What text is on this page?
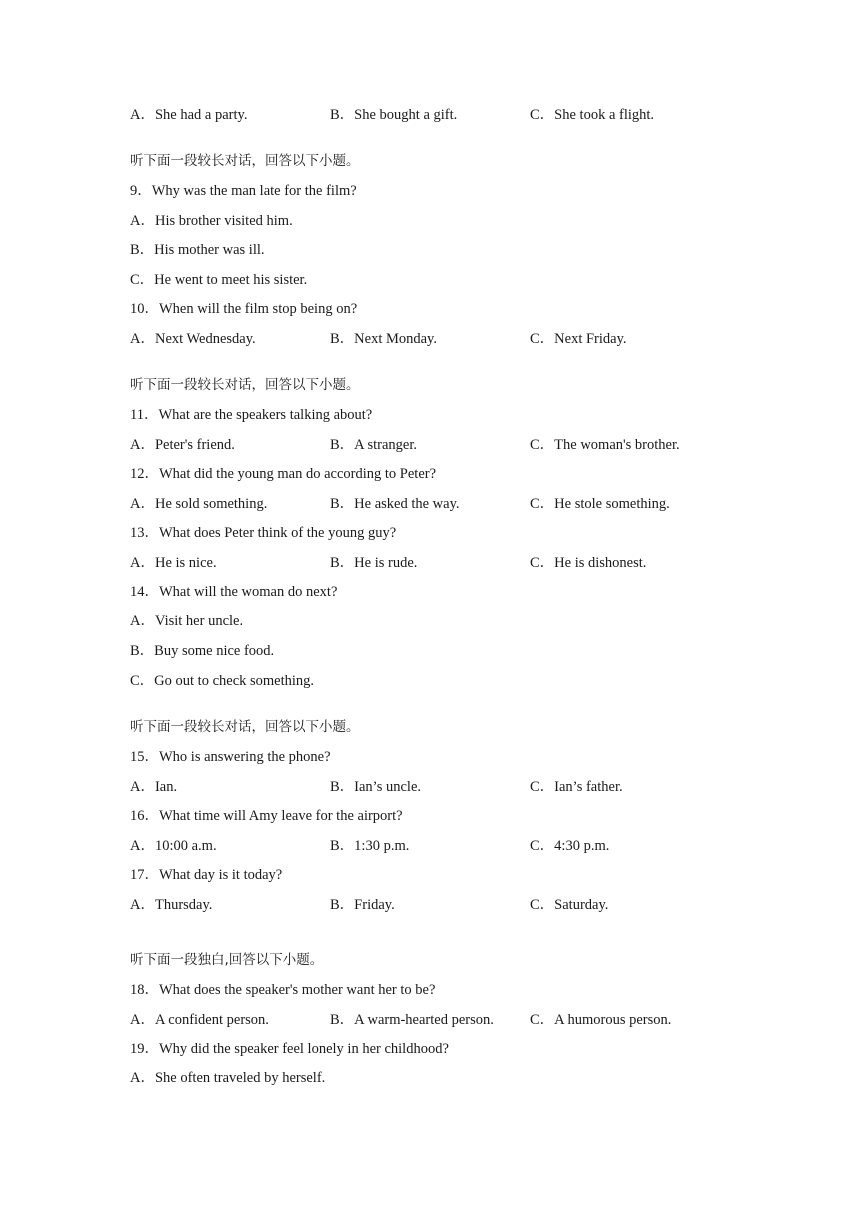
A．She had a party.	B．She bought a gift.	C．She took a flight.
听下面一段较长对话，回答以下小题。
9．Why was the man late for the film?
A．His brother visited him.
B．His mother was ill.
C．He went to meet his sister.
10．When will the film stop being on?
A．Next Wednesday.	B．Next Monday.	C．Next Friday.
听下面一段较长对话，回答以下小题。
11．What are the speakers talking about?
A．Peter's friend.	B．A stranger.	C．The woman's brother.
12．What did the young man do according to Peter?
A．He sold something.	B．He asked the way.	C．He stole something.
13．What does Peter think of the young guy?
A．He is nice.	B．He is rude.	C．He is dishonest.
14．What will the woman do next?
A．Visit her uncle.
B．Buy some nice food.
C．Go out to check something.
听下面一段较长对话，回答以下小题。
15．Who is answering the phone?
A．Ian.	B．Ian’s uncle.	C．Ian’s father.
16．What time will Amy leave for the airport?
A．10:00 a.m.	B．1:30 p.m.	C．4:30 p.m.
17．What day is it today?
A．Thursday.	B．Friday.	C．Saturday.
听下面一段独白,回答以下小题。
18．What does the speaker's mother want her to be?
A．A confident person.	B．A warm-hearted person. C．A humorous person.
19．Why did the speaker feel lonely in her childhood?
A．She often traveled by herself.
